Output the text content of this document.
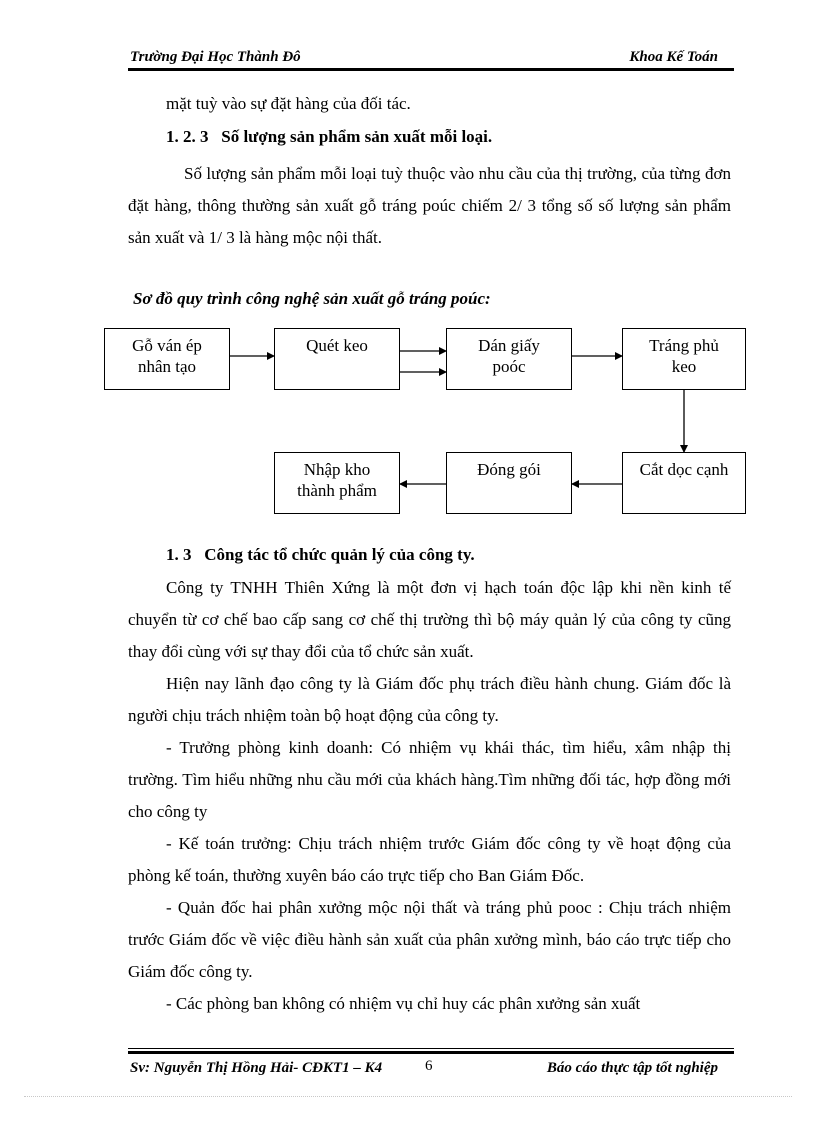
Trường Đại Học Thành Đô	Khoa Kế Toán
mặt tuỳ vào sự đặt hàng của đối tác.
1. 2. 3 Số lượng sản phẩm sản xuất mỗi loại.
Số lượng sản phẩm mỗi loại tuỳ thuộc vào nhu cầu của thị trường, của từng đơn đặt hàng, thông thường sản xuất gỗ tráng poúc chiếm 2/ 3 tổng số số lượng sản phẩm sản xuất và 1/ 3 là hàng mộc nội thất.
Sơ đồ quy trình công nghệ sản xuất gỗ tráng poúc:
Gỗ ván ép nhân tạo
Quét keo	Dán giấy poóc
Tráng phủ keo
Nhập kho thành phẩm
Đóng gói	Cắt dọc cạnh
1. 3 Công tác tổ chức quản lý của công ty.
Công ty TNHH Thiên Xứng là một đơn vị hạch toán độc lập khi nền kinh tế chuyển từ cơ chế bao cấp sang cơ chế thị trường thì bộ máy quản lý của công ty cũng thay đổi cùng với sự thay đổi của tổ chức sản xuất.
Hiện nay lãnh đạo công ty là Giám đốc phụ trách điều hành chung. Giám đốc là người chịu trách nhiệm toàn bộ hoạt động của công ty.
- Trưởng phòng kinh doanh: Có nhiệm vụ khái thác, tìm hiểu, xâm nhập thị trường. Tìm hiểu những nhu cầu mới của khách hàng.Tìm những đối tác, hợp đồng mới cho công ty
- Kế toán trưởng: Chịu trách nhiệm trước Giám đốc công ty về hoạt động của phòng kế toán, thường xuyên báo cáo trực tiếp cho Ban Giám Đốc.
- Quản đốc hai phân xưởng mộc nội thất và tráng phủ pooc : Chịu trách nhiệm trước Giám đốc về việc điều hành sản xuất của phân xưởng mình, báo cáo trực tiếp cho Giám đốc công ty.
- Các phòng ban không có nhiệm vụ chỉ huy các phân xưởng sản xuất
Sv: Nguyễn Thị Hồng Hải- CĐKT1 – K4	6	Báo cáo thực tập tốt nghiệp
